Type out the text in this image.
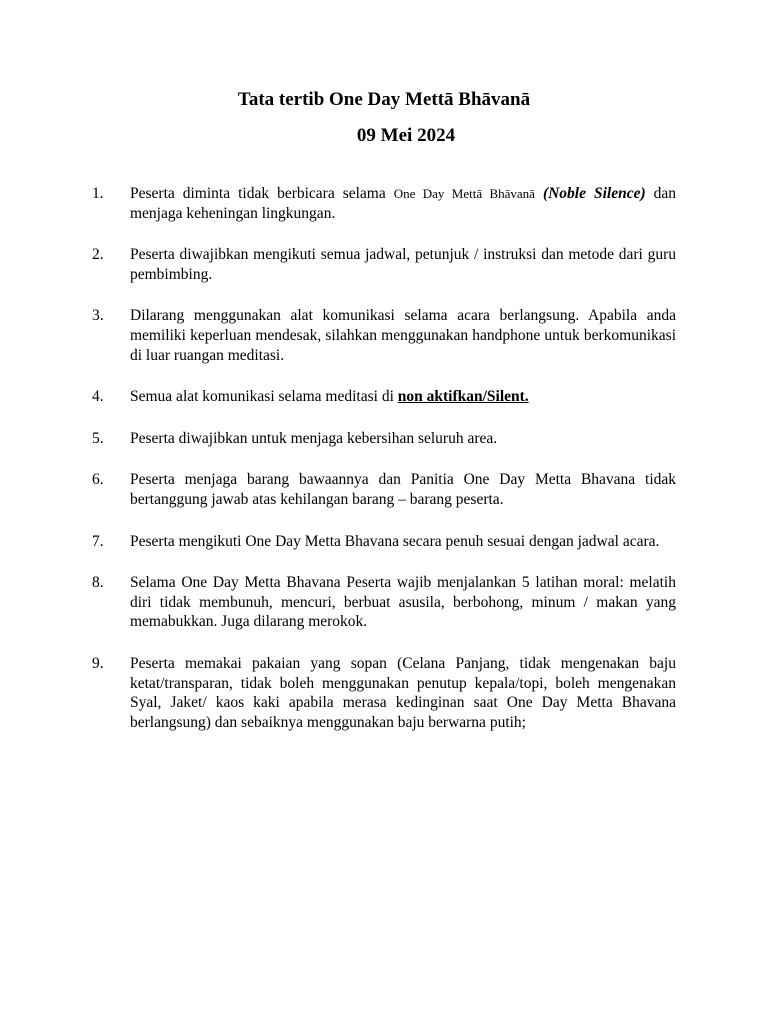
Tata tertib One Day Mettā Bhāvanā
09 Mei 2024
1.	Peserta diminta tidak berbicara selama One Day Mettā Bhāvanā (Noble Silence) dan menjaga keheningan lingkungan.
2.	Peserta diwajibkan mengikuti semua jadwal, petunjuk / instruksi dan metode dari guru pembimbing.
3.	Dilarang menggunakan alat komunikasi selama acara berlangsung. Apabila anda memiliki keperluan mendesak, silahkan menggunakan handphone untuk berkomunikasi di luar ruangan meditasi.
4.	Semua alat komunikasi selama meditasi di non aktifkan/Silent.
5.	Peserta diwajibkan untuk menjaga kebersihan seluruh area.
6.	Peserta menjaga barang bawaannya dan Panitia One Day Metta Bhavana tidak bertanggung jawab atas kehilangan barang – barang peserta.
7.	Peserta mengikuti One Day Metta Bhavana secara penuh sesuai dengan jadwal acara.
8.	Selama One Day Metta Bhavana Peserta wajib menjalankan 5 latihan moral: melatih diri tidak membunuh, mencuri, berbuat asusila, berbohong, minum / makan yang memabukkan. Juga dilarang merokok.
9.	Peserta memakai pakaian yang sopan (Celana Panjang, tidak mengenakan baju ketat/transparan, tidak boleh menggunakan penutup kepala/topi, boleh mengenakan Syal, Jaket/ kaos kaki apabila merasa kedinginan saat One Day Metta Bhavana berlangsung) dan sebaiknya menggunakan baju berwarna putih;
